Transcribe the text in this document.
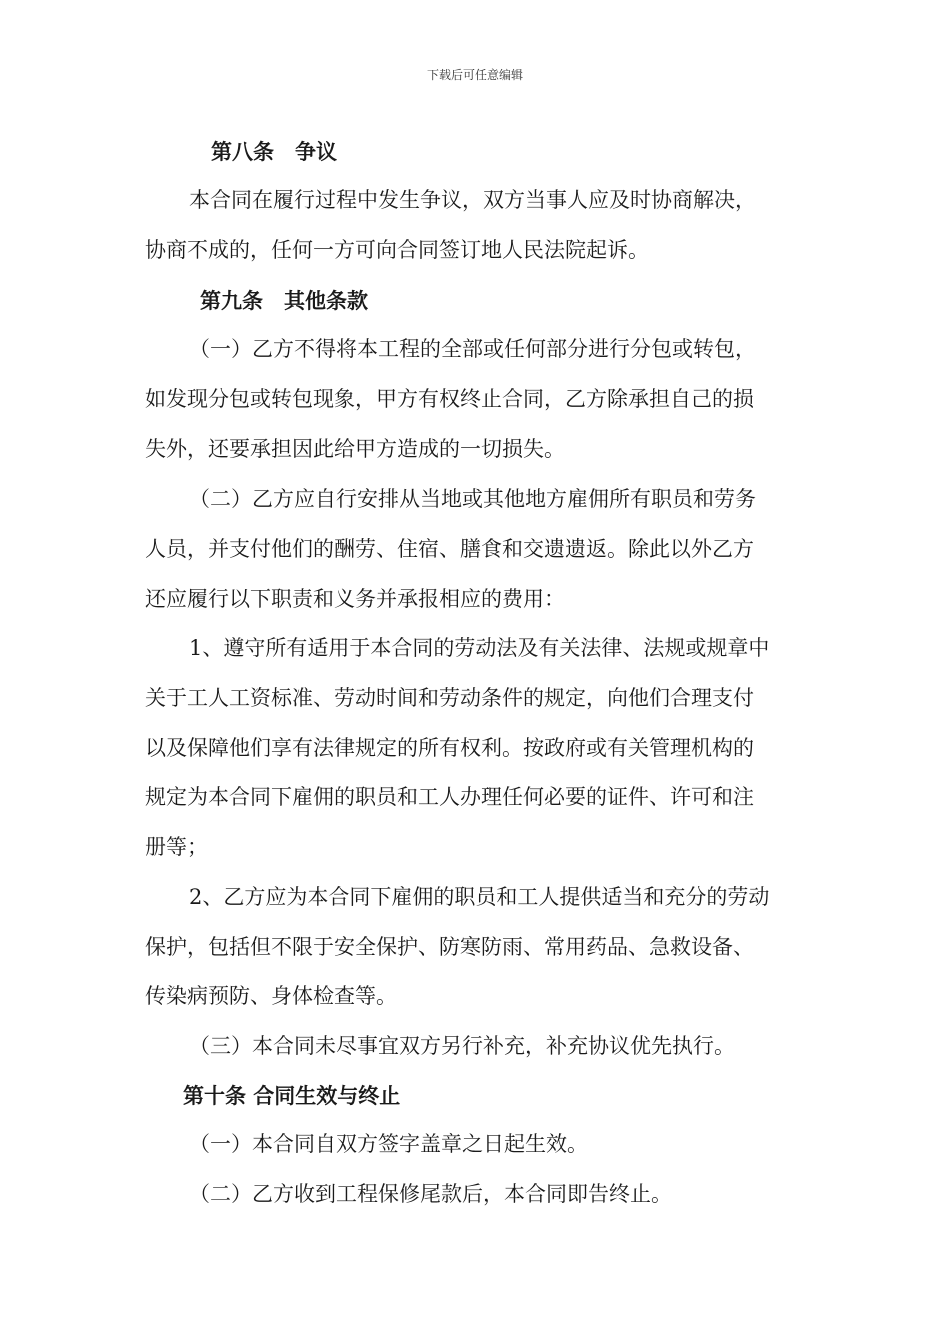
下载后可任意编辑
第八条　争议
本合同在履行过程中发生争议，双方当事人应及时协商解决，
协商不成的，任何一方可向合同签订地人民法院起诉。
第九条　其他条款
（一）乙方不得将本工程的全部或任何部分进行分包或转包，
如发现分包或转包现象，甲方有权终止合同，乙方除承担自己的损
失外，还要承担因此给甲方造成的一切损失。
（二）乙方应自行安排从当地或其他地方雇佣所有职员和劳务
人员，并支付他们的酬劳、住宿、膳食和交遗遗返。除此以外乙方
还应履行以下职责和义务并承报相应的费用：
1、遵守所有适用于本合同的劳动法及有关法律、法规或规章中
关于工人工资标准、劳动时间和劳动条件的规定，向他们合理支付
以及保障他们享有法律规定的所有权利。按政府或有关管理机构的
规定为本合同下雇佣的职员和工人办理任何必要的证件、许可和注
册等；
2、乙方应为本合同下雇佣的职员和工人提供适当和充分的劳动
保护，包括但不限于安全保护、防寒防雨、常用药品、急救设备、
传染病预防、身体检查等。
（三）本合同未尽事宜双方另行补充，补充协议优先执行。
第十条 合同生效与终止
（一）本合同自双方签字盖章之日起生效。
（二）乙方收到工程保修尾款后，本合同即告终止。
